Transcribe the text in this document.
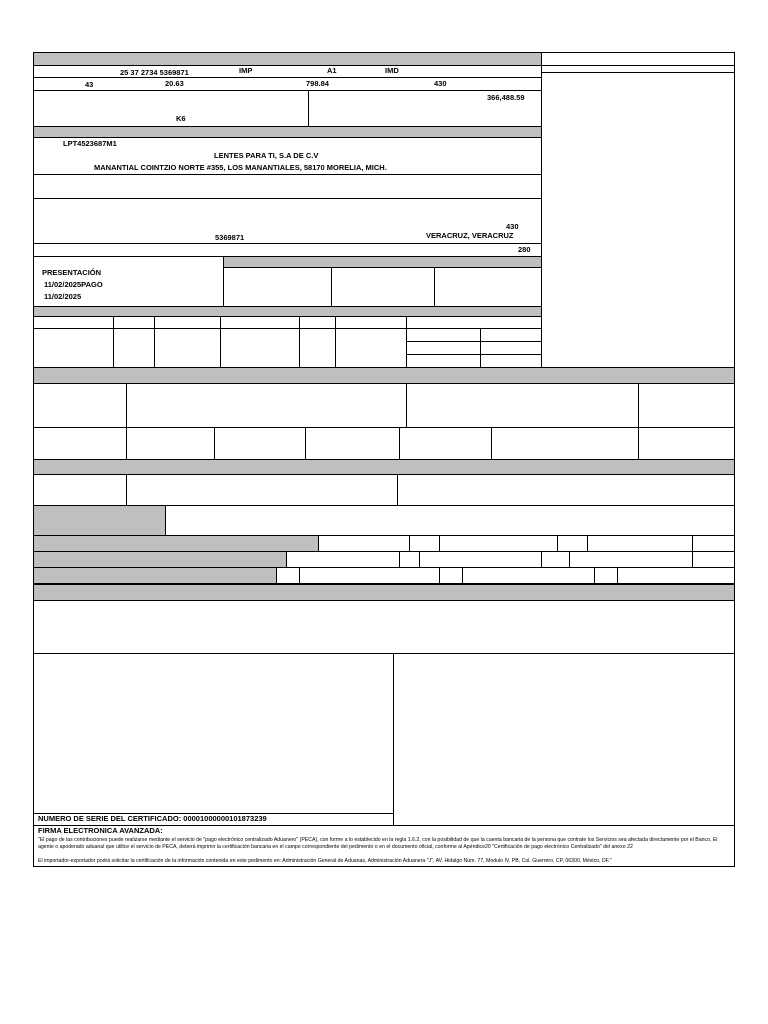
25 37 2734 5369871	IMP	A1	IMD
43	20.63	798.84	430
366,488.59
K6
LPT4523687M1
LENTES PARA TI, S.A DE C.V
MANANTIAL COINTZIO NORTE #355, LOS MANANTIALES, 58170 MORELIA, MICH.
430
VERACRUZ, VERACRUZ
5369871
280
PRESENTACIÓN
11/02/2025PAGO
11/02/2025
NUMERO DE SERIE DEL CERTIFICADO: 00001000000101873239
FIRMA ELECTRONICA AVANZADA:
"El pago de las contribuciones puede realizarse mediante el servicio de "pago electrónico centralizado Aduanero" (PECA), con forme a lo establecido en la regla 1.6.2, con la posibilidad de que la cuenta bancaria de la persona que contrate los Servicios sea afectada directamente por el Banco, El agente o apoderado aduanal que utilice el servicio de PECA, deberá imprimir la certificación bancaria en el campo correspondiente del pedimento o en el documento oficial, conforme al Apéndice20 "Certificación de pago electrónico Centralizado" del anexo 22
El importador-exportador podrá solicitar la certificación de la información contenida en este pedimento en: Administración General de Aduanas, Administración Aduanera "J", AV. Hidalgo Núm. 77, Modulo IV, PB, Col. Guerrero, CP, 06300, México, DF."
